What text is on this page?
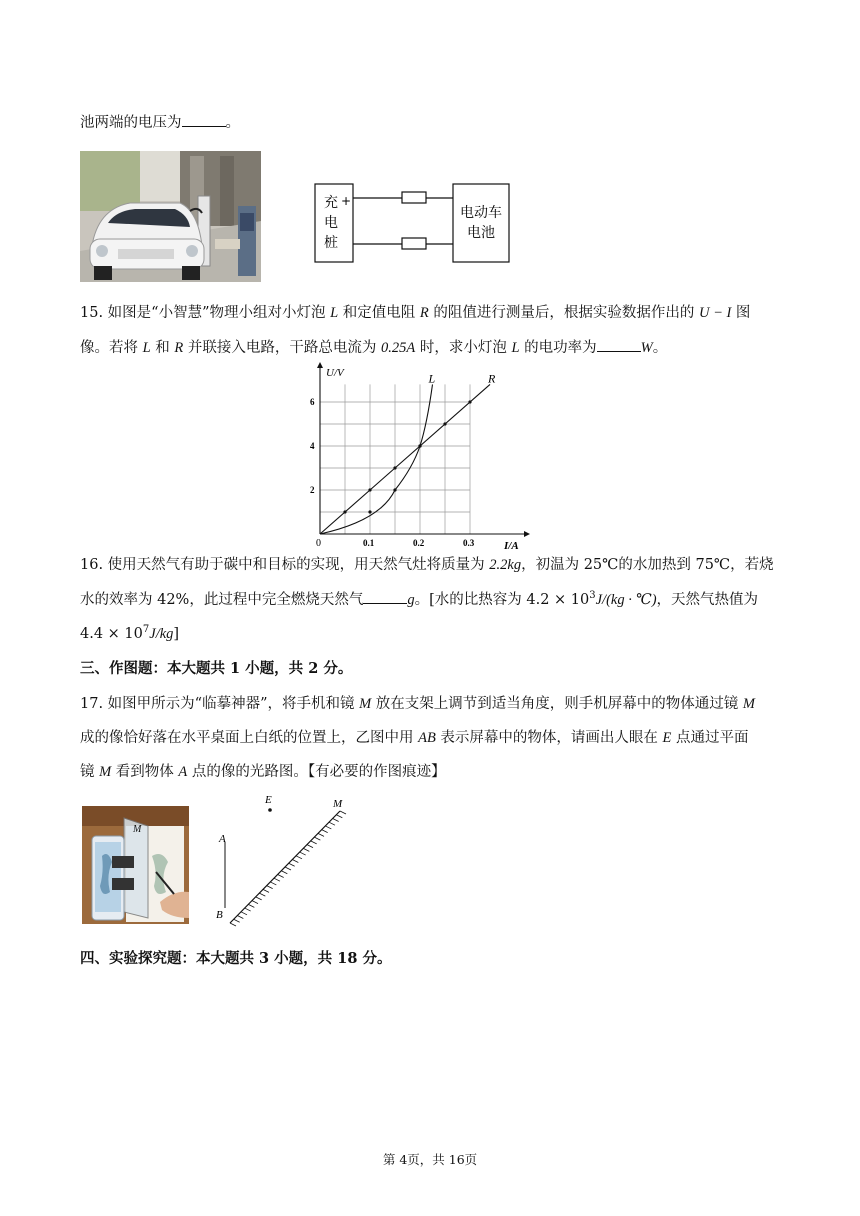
池两端的电压为	。
充 +
电
桩
电动车
电池
15. 如图是“小智慧”物理小组对小灯泡 L 和定值电阻 R 的阻值进行测量后，根据实验数据作出的 U − I 图
像。若将 L 和 R 并联接入电路，干路总电流为 0.25A 时，求小灯泡 L 的电功率为	W。
U/V
I/A
0	0.1	0.2	0.3
2
4
6
L	R
16. 使用天然气有助于碳中和目标的实现，用天然气灶将质量为 2.2kg，初温为 25℃的水加热到 75℃，若烧
水的效率为 42%，此过程中完全燃烧天然气	g。[水的比热容为 $4.2 \times 10^3J/(kg$ · ℃)，天然气热值为
$4.4 \times 10^7J/kg$]
三、作图题：本大题共 1 小题，共 2 分。
17. 如图甲所示为“临摹神器”，将手机和镜 M 放在支架上调节到适当角度，则手机屏幕中的物体通过镜 M
成的像恰好落在水平桌面上白纸的位置上，乙图中用 AB 表示屏幕中的物体，请画出人眼在 E 点通过平面
镜 M 看到物体 A 点的像的光路图。【有必要的作图痕迹】
M
A
B
E	M
四、实验探究题：本大题共 3 小题，共 18 分。
第 4页，共 16页
